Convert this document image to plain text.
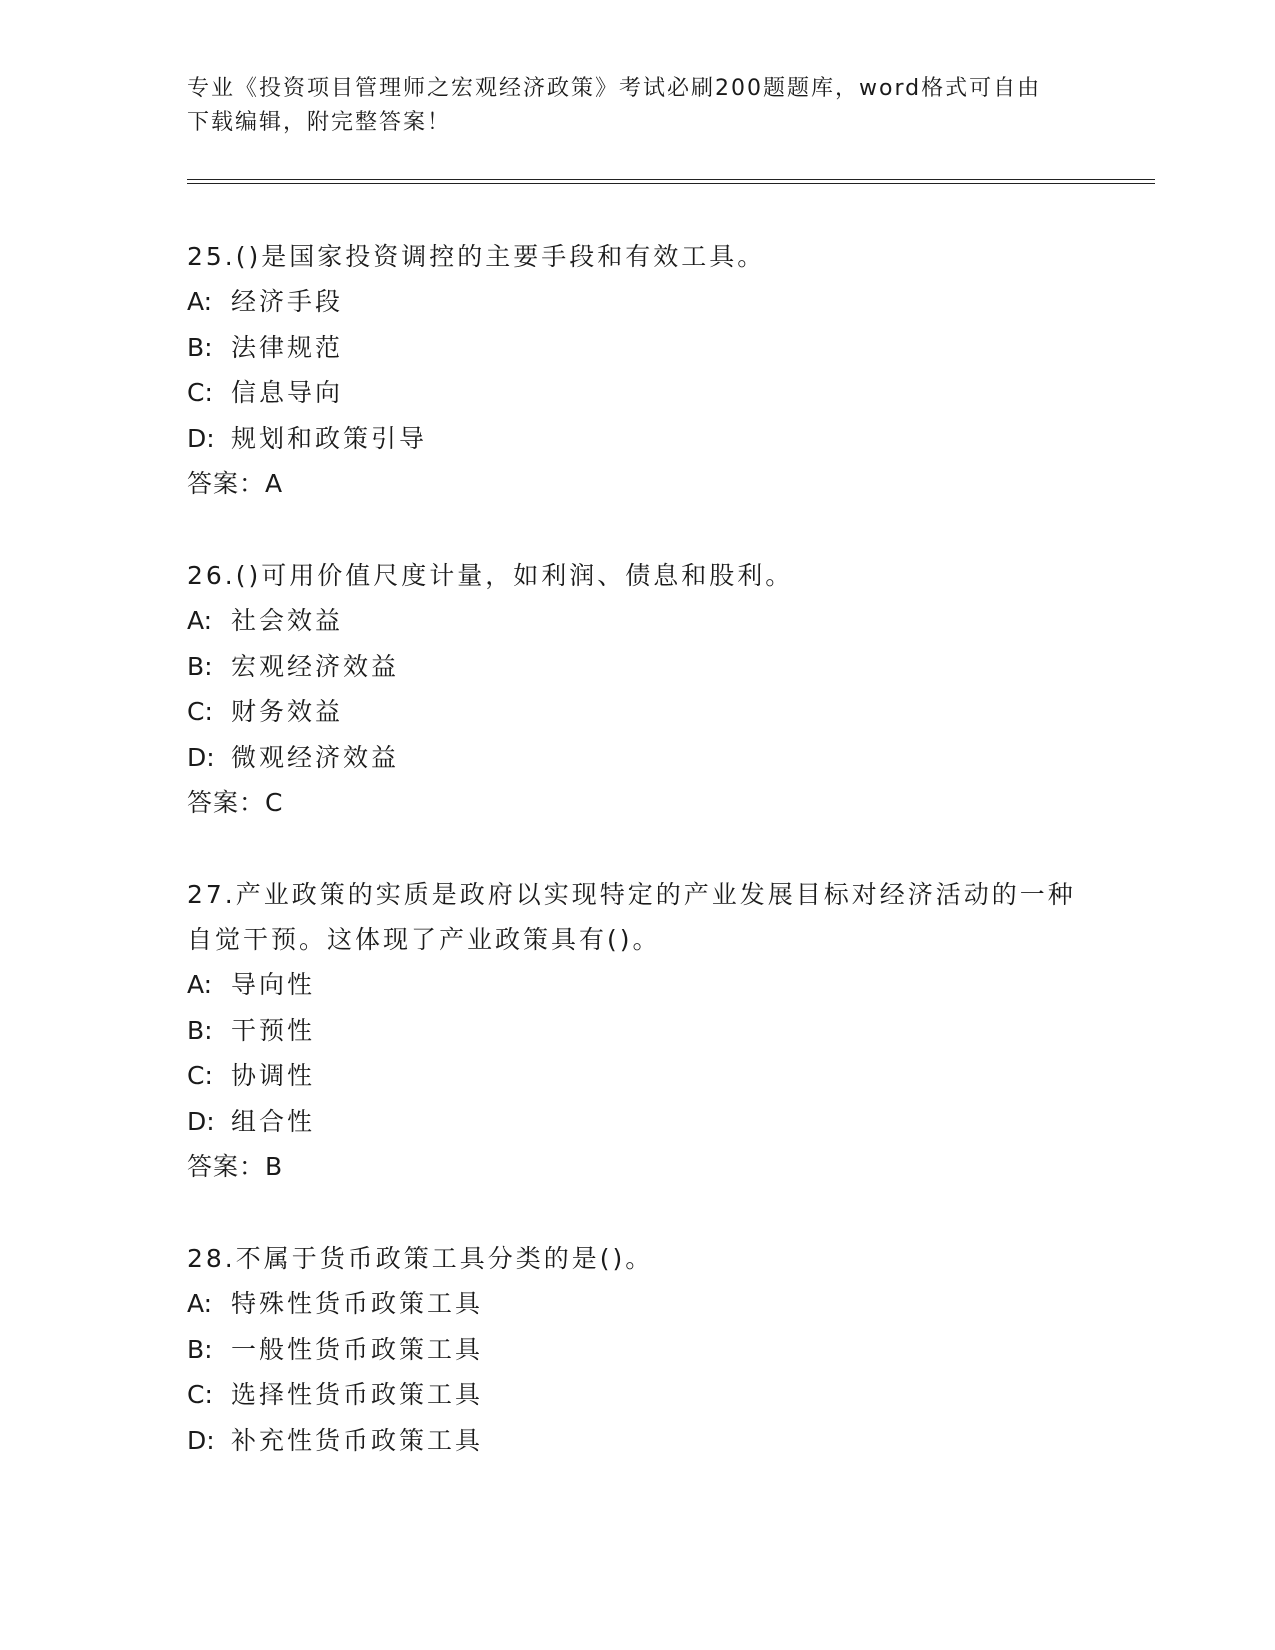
专业《投资项目管理师之宏观经济政策》考试必刷200题题库，word格式可自由
下载编辑，附完整答案！
25.()是国家投资调控的主要手段和有效工具。
A: 经济手段
B: 法律规范
C: 信息导向
D: 规划和政策引导
答案：A
26.()可用价值尺度计量，如利润、债息和股利。
A: 社会效益
B: 宏观经济效益
C: 财务效益
D: 微观经济效益
答案：C
27.产业政策的实质是政府以实现特定的产业发展目标对经济活动的一种自觉干预。这体现了产业政策具有()。
A: 导向性
B: 干预性
C: 协调性
D: 组合性
答案：B
28.不属于货币政策工具分类的是()。
A: 特殊性货币政策工具
B: 一般性货币政策工具
C: 选择性货币政策工具
D: 补充性货币政策工具
